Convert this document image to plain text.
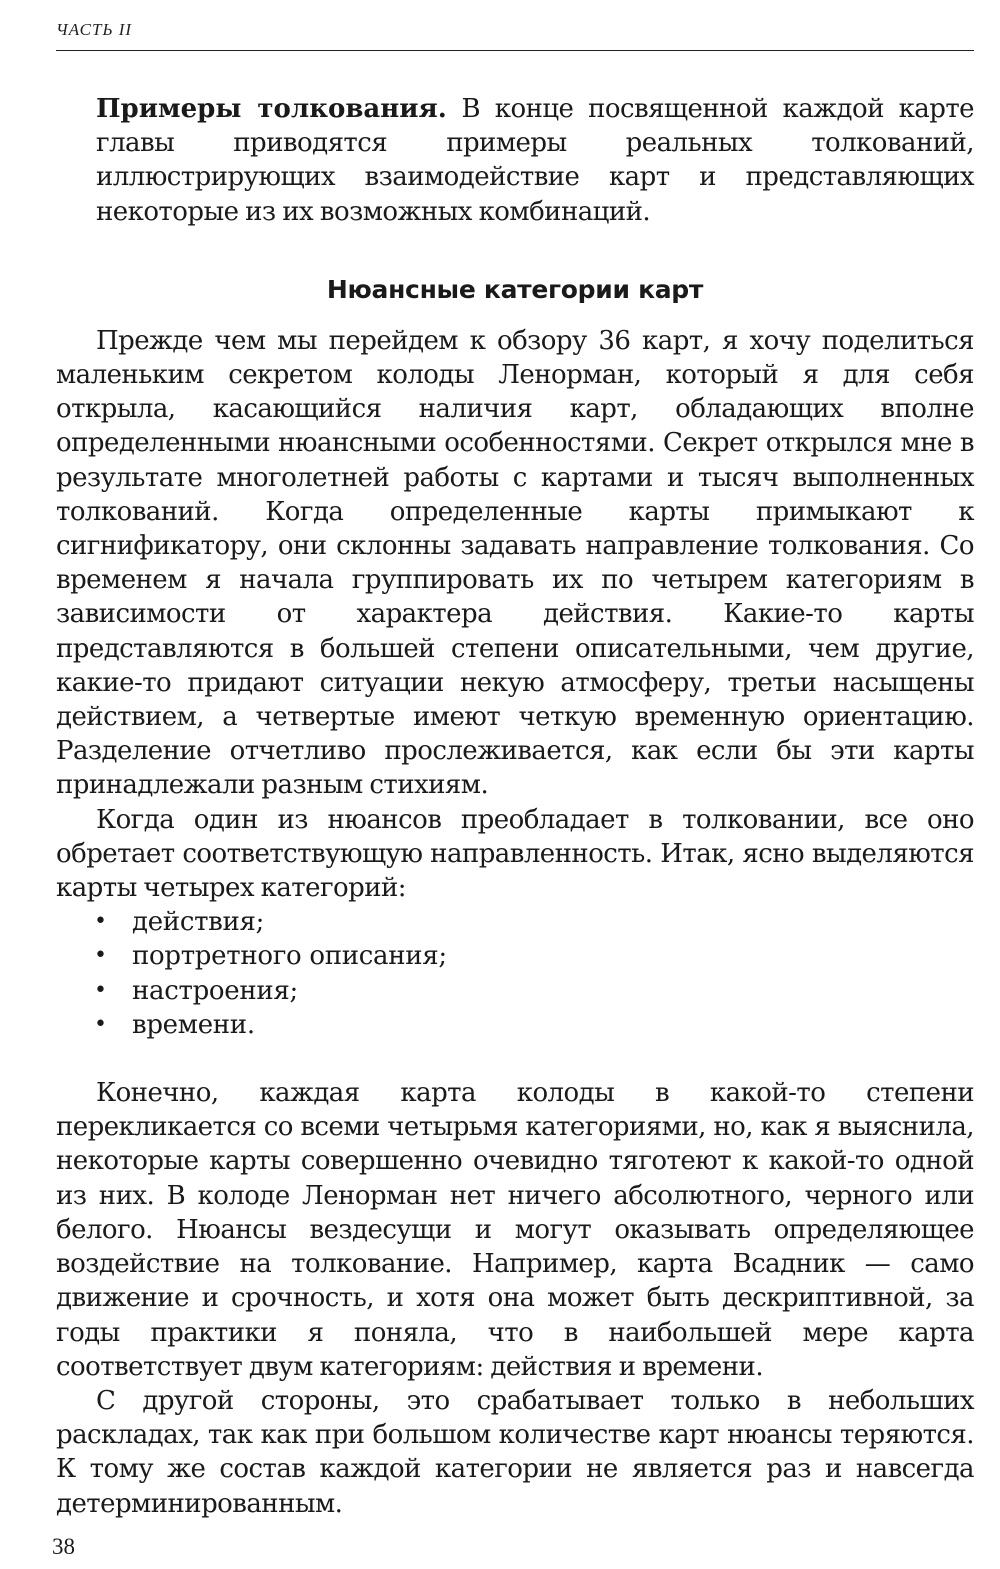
ЧАСТЬ II

Примеры толкования. В конце посвященной каждой карте главы приводятся примеры реальных толкований, иллюстрирующих взаимодействие карт и представляющих некоторые из их возможных комбинаций.

Нюансные категории карт

Прежде чем мы перейдем к обзору 36 карт, я хочу поделиться маленьким секретом колоды Ленорман, который я для себя открыла, касающийся наличия карт, обладающих вполне определенными нюансными особенностями. Секрет открылся мне в результате многолетней работы с картами и тысяч выполненных толкований. Когда определенные карты примыкают к сигнификатору, они склонны задавать направление толкования. Со временем я начала группировать их по четырем категориям в зависимости от характера действия. Какие-то карты представляются в большей степени описательными, чем другие, какие-то придают ситуации некую атмосферу, третьи насыщены действием, а четвертые имеют четкую временную ориентацию. Разделение отчетливо прослеживается, как если бы эти карты принадлежали разным стихиям.

Когда один из нюансов преобладает в толковании, все оно обретает соответствующую направленность. Итак, ясно выделяются карты четырех категорий:

• действия;
• портретного описания;
• настроения;
• времени.

Конечно, каждая карта колоды в какой-то степени перекликается со всеми четырьмя категориями, но, как я выяснила, некоторые карты совершенно очевидно тяготеют к какой-то одной из них. В колоде Ленорман нет ничего абсолютного, черного или белого. Нюансы вездесущи и могут оказывать определяющее воздействие на толкование. Например, карта Всадник — само движение и срочность, и хотя она может быть дескриптивной, за годы практики я поняла, что в наибольшей мере карта соответствует двум категориям: действия и времени.

С другой стороны, это срабатывает только в небольших раскладах, так как при большом количестве карт нюансы теряются. К тому же состав каждой категории не является раз и навсегда детерминированным.

38
